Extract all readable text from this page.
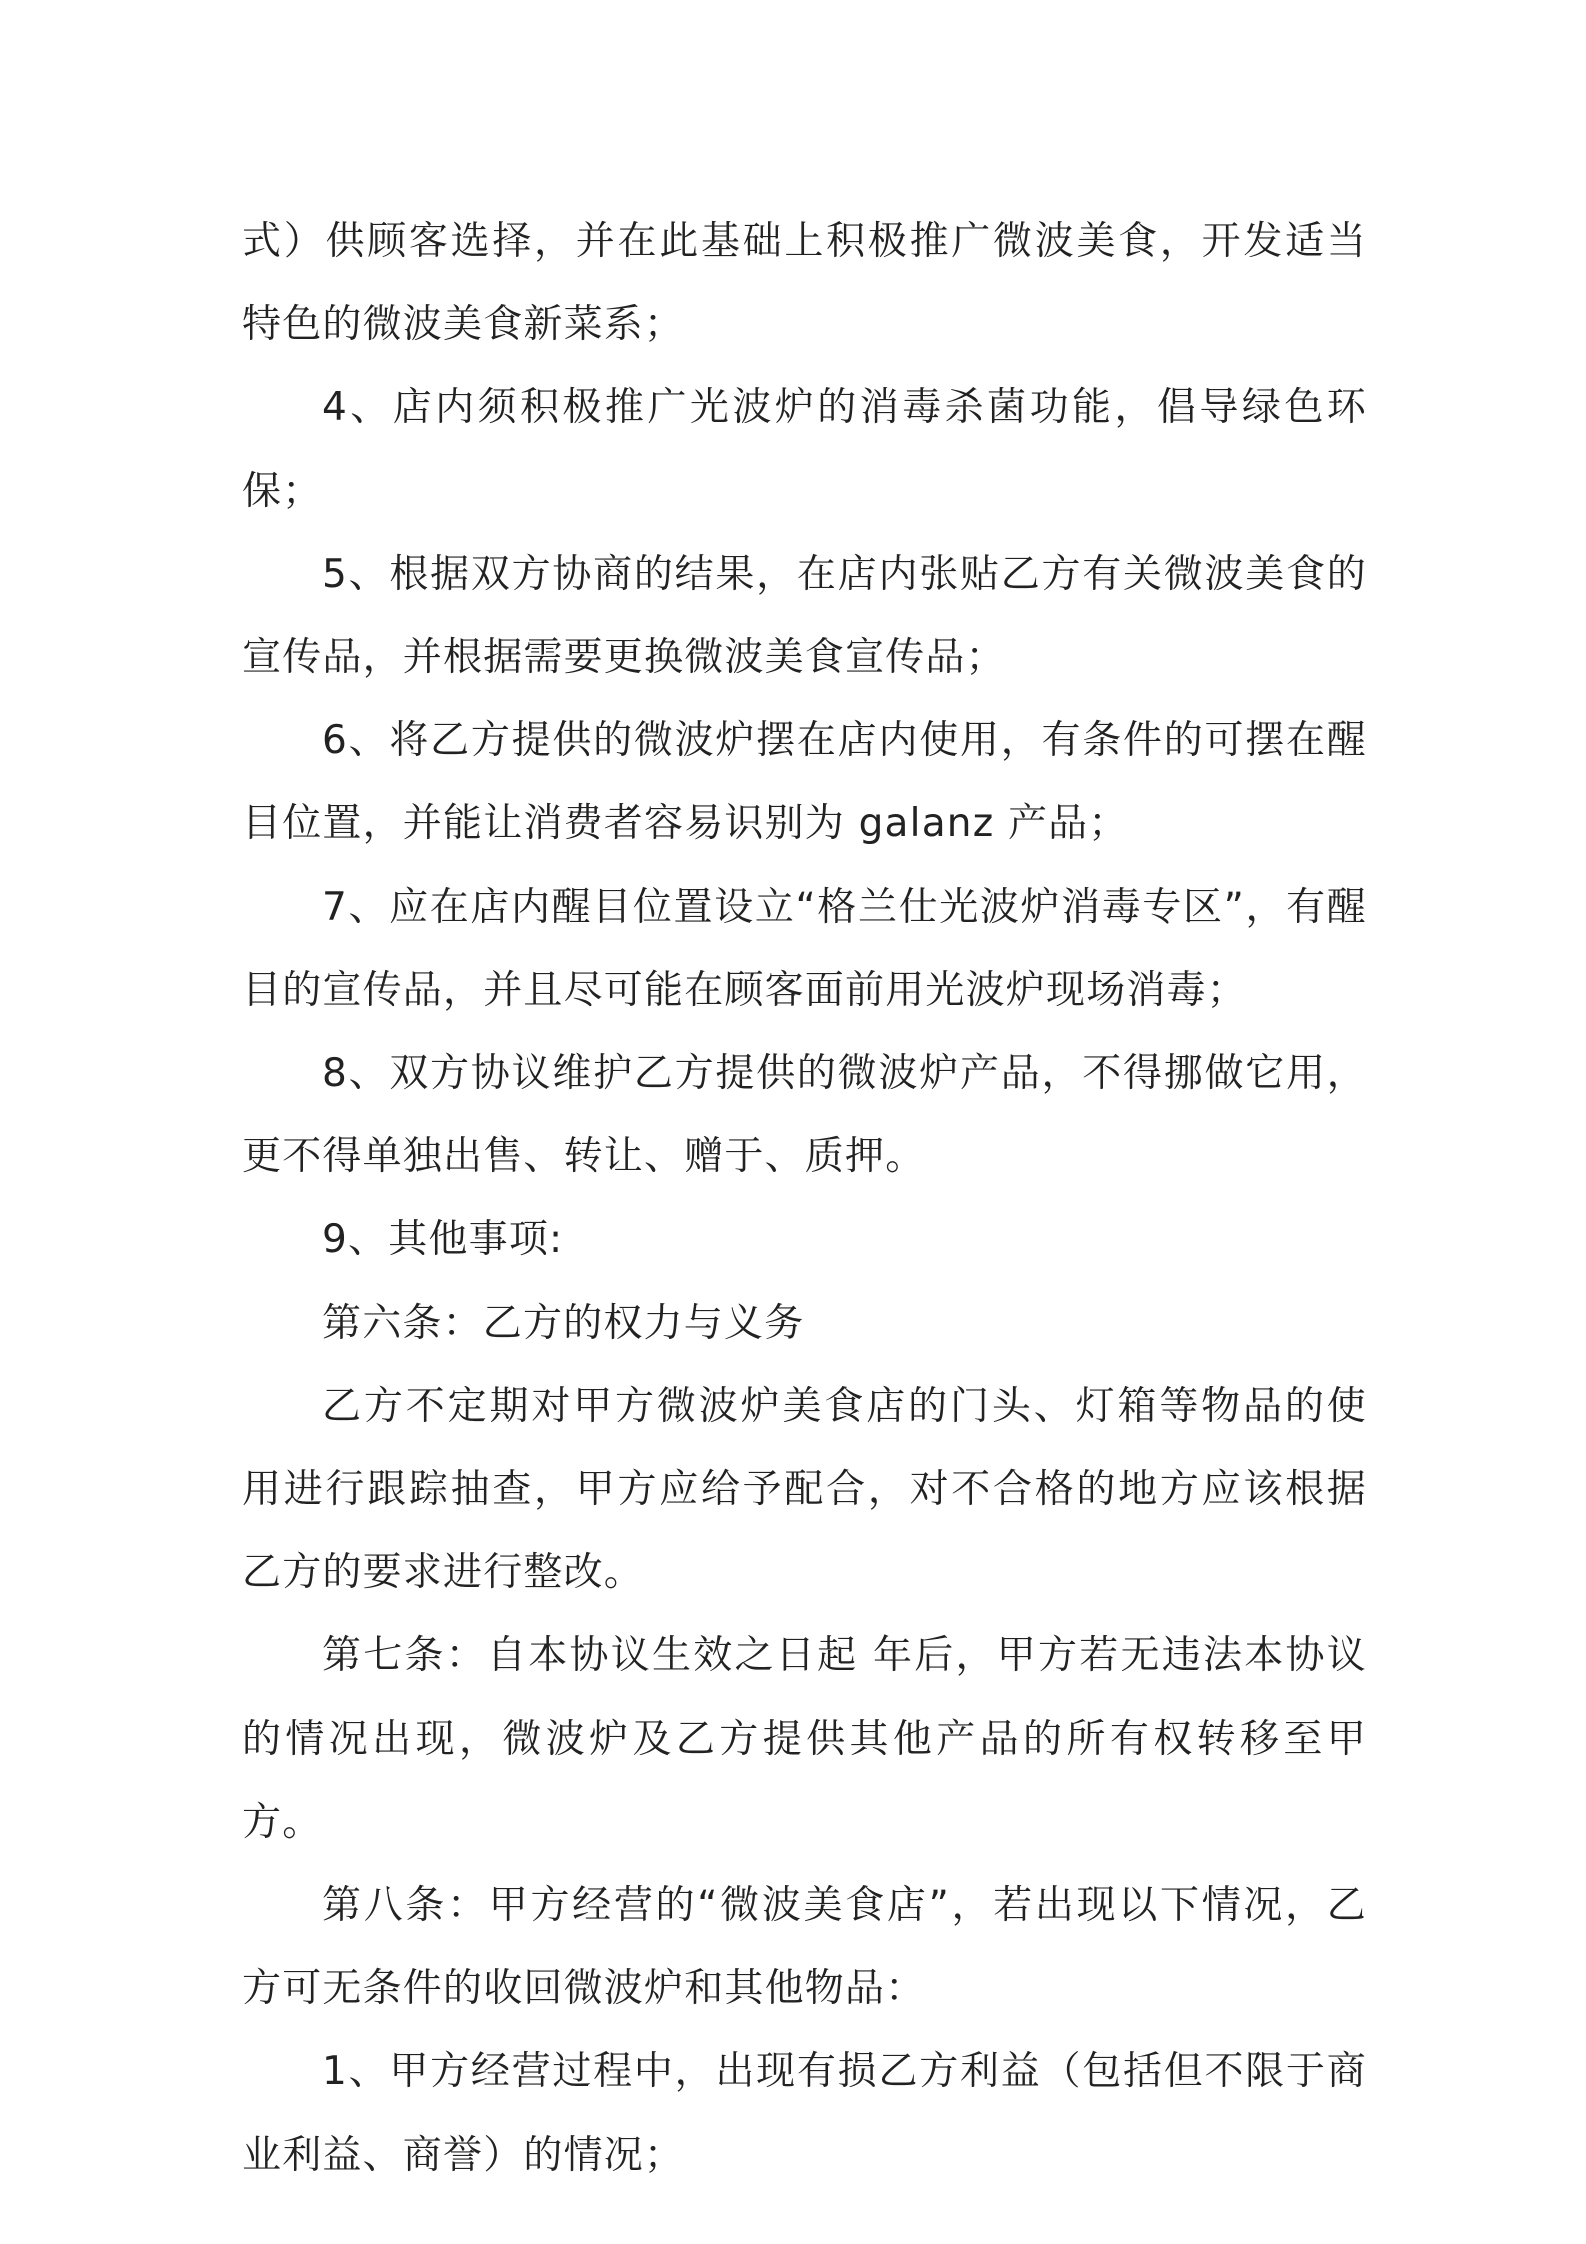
式）供顾客选择，并在此基础上积极推广微波美食，开发适当特色的微波美食新菜系；

4、店内须积极推广光波炉的消毒杀菌功能，倡导绿色环保；

5、根据双方协商的结果，在店内张贴乙方有关微波美食的宣传品，并根据需要更换微波美食宣传品；

6、将乙方提供的微波炉摆在店内使用，有条件的可摆在醒目位置，并能让消费者容易识别为 galanz 产品；

7、应在店内醒目位置设立“格兰仕光波炉消毒专区”，有醒目的宣传品，并且尽可能在顾客面前用光波炉现场消毒；

8、双方协议维护乙方提供的微波炉产品，不得挪做它用，更不得单独出售、转让、赠于、质押。

9、其他事项:

第六条：乙方的权力与义务

乙方不定期对甲方微波炉美食店的门头、灯箱等物品的使用进行跟踪抽查，甲方应给予配合，对不合格的地方应该根据乙方的要求进行整改。

第七条：自本协议生效之日起 年后，甲方若无违法本协议的情况出现，微波炉及乙方提供其他产品的所有权转移至甲方。

第八条：甲方经营的“微波美食店”，若出现以下情况，乙方可无条件的收回微波炉和其他物品：

1、甲方经营过程中，出现有损乙方利益（包括但不限于商业利益、商誉）的情况；
